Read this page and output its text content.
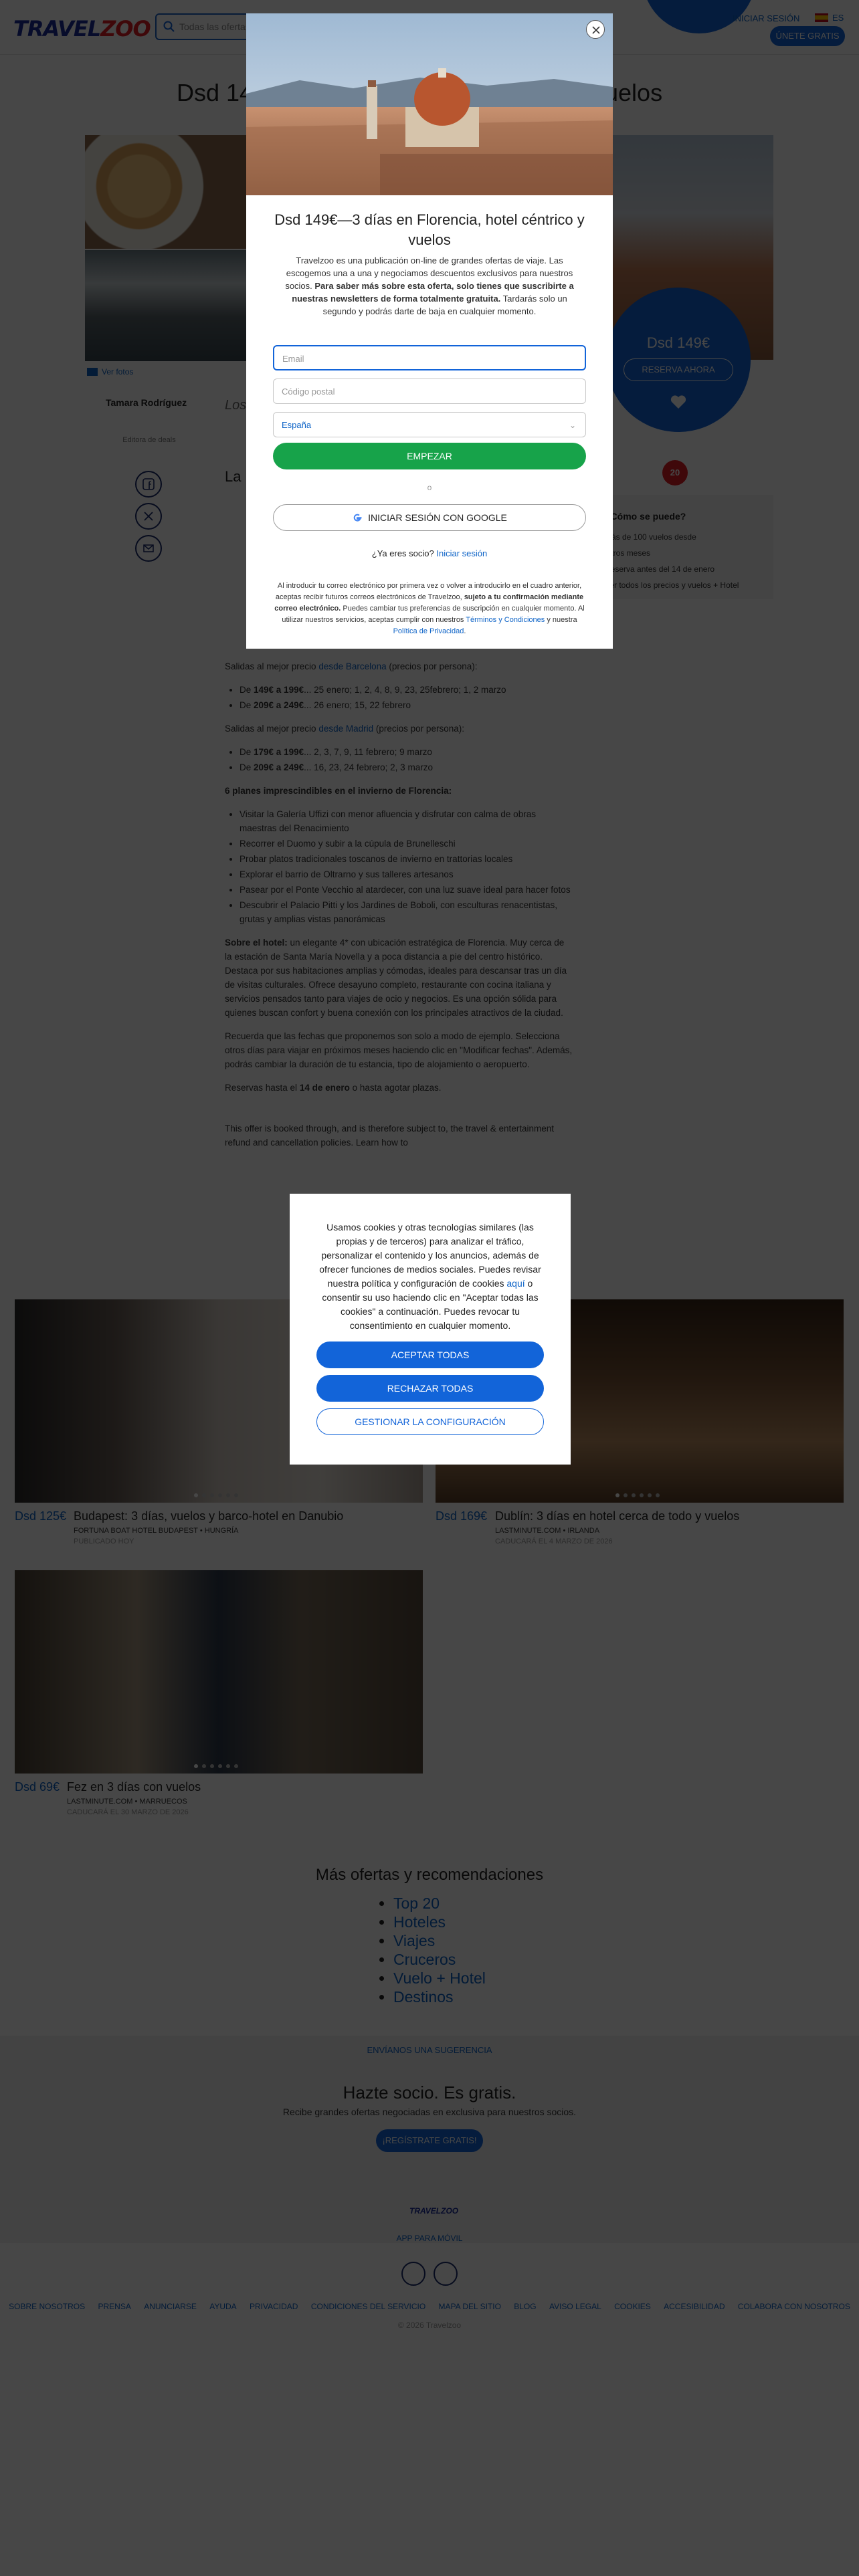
•
•

•
•

•
•
•
•
•
•

•
•
•
•
•
•
Dsd 149€—3 días en Florencia, hotel céntrico y vuelos
Travelzoo es una publicación on-line de grandes ofertas de viaje. Las escogemos una a una y negociamos descuentos exclusivos para nuestros socios. Para saber más sobre esta oferta, solo tienes que suscribirte a nuestras newsletters de forma totalmente gratuita. Tardarás solo un segundo y podrás darte de baja en cualquier momento.
Email
Código postal
España	⌄
EMPEZAR
o
INICIAR SESIÓN CON GOOGLE
¿Ya eres socio? Iniciar sesión
Al introducir tu correo electrónico por primera vez o volver a introducirlo en el cuadro anterior, aceptas recibir futuros correos electrónicos de Travelzoo, sujeto a tu confirmación mediante correo electrónico. Puedes cambiar tus preferencias de suscripción en cualquier momento. Al utilizar nuestros servicios, aceptas cumplir con nuestros Términos y Condiciones y nuestra Política de Privacidad.
Usamos cookies y otras tecnologías similares (las propias y de terceros) para analizar el tráfico, personalizar el contenido y los anuncios, además de ofrecer funciones de medios sociales. Puedes revisar nuestra política y configuración de cookies aquí o consentir su uso haciendo clic en "Aceptar todas las cookies" a continuación. Puedes revocar tu consentimiento en cualquier momento.
ACEPTAR TODAS
RECHAZAR TODAS
GESTIONAR LA CONFIGURACIÓN
